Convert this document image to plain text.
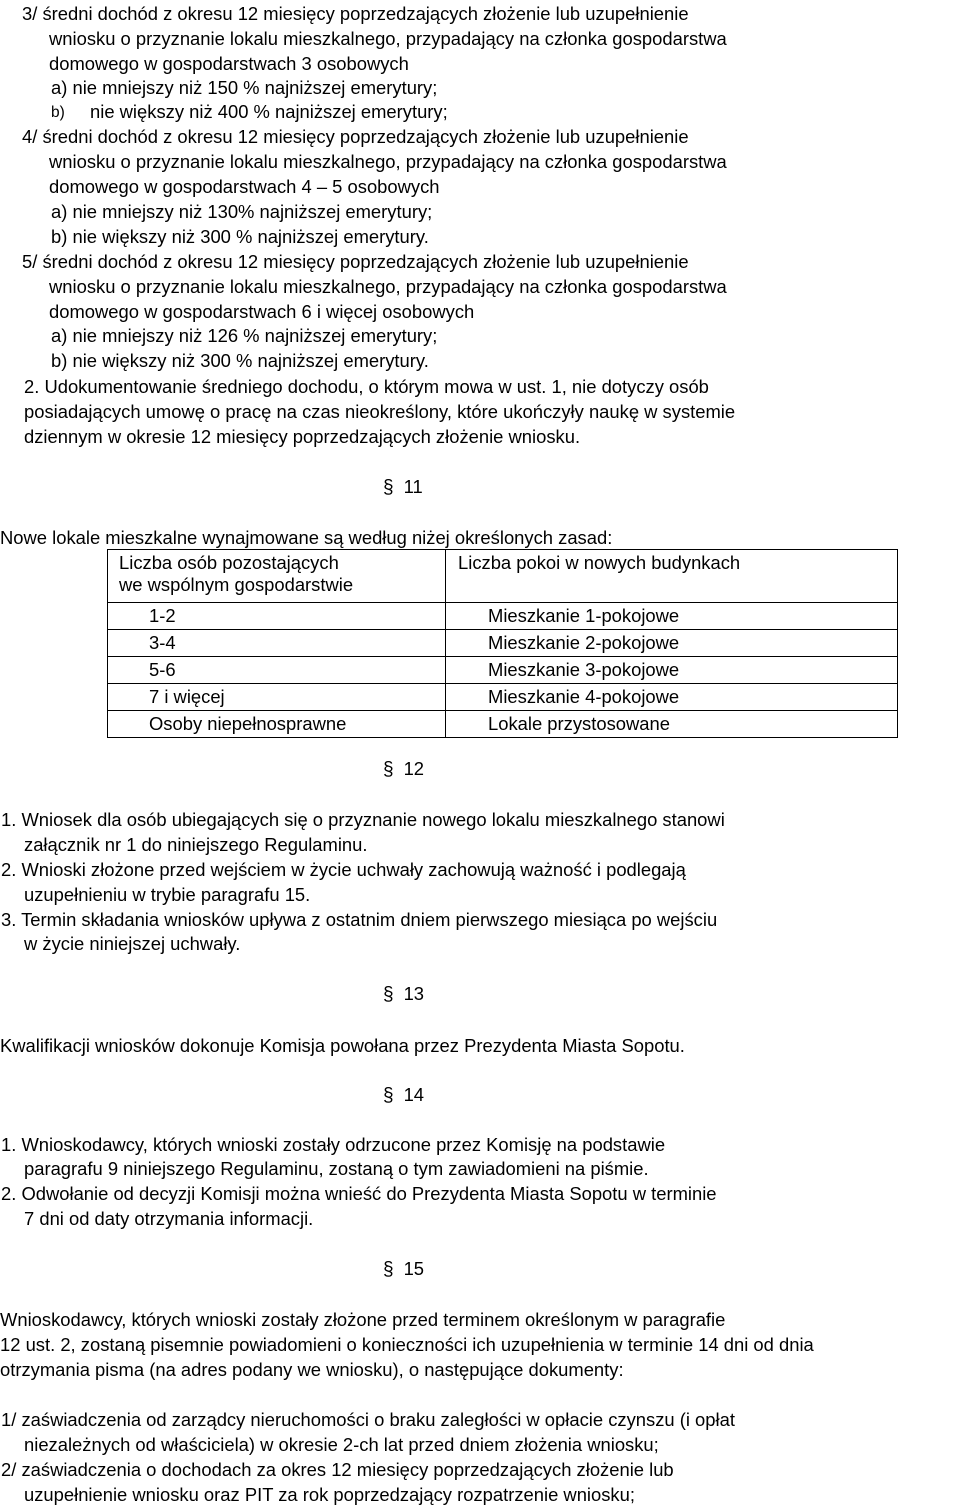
3/ średni dochód z okresu 12 miesięcy poprzedzających złożenie lub uzupełnienie
wniosku o przyznanie lokalu mieszkalnego, przypadający na członka gospodarstwa
domowego w gospodarstwach 3 osobowych
a) nie mniejszy niż 150 % najniższej emerytury;
b) nie większy niż 400 % najniższej emerytury;
4/ średni dochód z okresu 12 miesięcy poprzedzających złożenie lub uzupełnienie
wniosku o przyznanie lokalu mieszkalnego, przypadający na członka gospodarstwa
domowego w gospodarstwach 4 ‒ 5 osobowych
a) nie mniejszy niż 130% najniższej emerytury;
b) nie większy niż 300 % najniższej emerytury.
5/ średni dochód z okresu 12 miesięcy poprzedzających złożenie lub uzupełnienie
wniosku o przyznanie lokalu mieszkalnego, przypadający na członka gospodarstwa
domowego w gospodarstwach 6 i więcej osobowych
a) nie mniejszy niż 126 % najniższej emerytury;
b) nie większy niż 300 % najniższej emerytury.
2. Udokumentowanie średniego dochodu, o którym mowa w ust. 1, nie dotyczy osób
posiadających umowę o pracę na czas nieokreślony, które ukończyły naukę w systemie
dziennym w okresie 12 miesięcy poprzedzających złożenie wniosku.
§ 11
Nowe lokale mieszkalne wynajmowane są według niżej określonych zasad:
Liczba osób pozostających
we wspólnym gospodarstwie	Liczba pokoi w nowych budynkach
1-2	Mieszkanie 1-pokojowe
3-4	Mieszkanie 2-pokojowe
5-6	Mieszkanie 3-pokojowe
7 i więcej	Mieszkanie 4-pokojowe
Osoby niepełnosprawne	Lokale przystosowane
§ 12
1. Wniosek dla osób ubiegających się o przyznanie nowego lokalu mieszkalnego stanowi
załącznik nr 1 do niniejszego Regulaminu.
2. Wnioski złożone przed wejściem w życie uchwały zachowują ważność i podlegają
uzupełnieniu w trybie paragrafu 15.
3. Termin składania wniosków upływa z ostatnim dniem pierwszego miesiąca po wejściu
w życie niniejszej uchwały.
§ 13
Kwalifikacji wniosków dokonuje Komisja powołana przez Prezydenta Miasta Sopotu.
§ 14
1. Wnioskodawcy, których wnioski zostały odrzucone przez Komisję na podstawie
paragrafu 9 niniejszego Regulaminu, zostaną o tym zawiadomieni na piśmie.
2. Odwołanie od decyzji Komisji można wnieść do Prezydenta Miasta Sopotu w terminie
7 dni od daty otrzymania informacji.
§ 15
Wnioskodawcy, których wnioski zostały złożone przed terminem określonym w paragrafie
12 ust. 2, zostaną pisemnie powiadomieni o konieczności ich uzupełnienia w terminie 14 dni od dnia
otrzymania pisma (na adres podany we wniosku), o następujące dokumenty:
1/ zaświadczenia od zarządcy nieruchomości o braku zaległości w opłacie czynszu (i opłat
niezależnych od właściciela) w okresie 2-ch lat przed dniem złożenia wniosku;
2/ zaświadczenia o dochodach za okres 12 miesięcy poprzedzających złożenie lub
uzupełnienie wniosku oraz PIT za rok poprzedzający rozpatrzenie wniosku;
